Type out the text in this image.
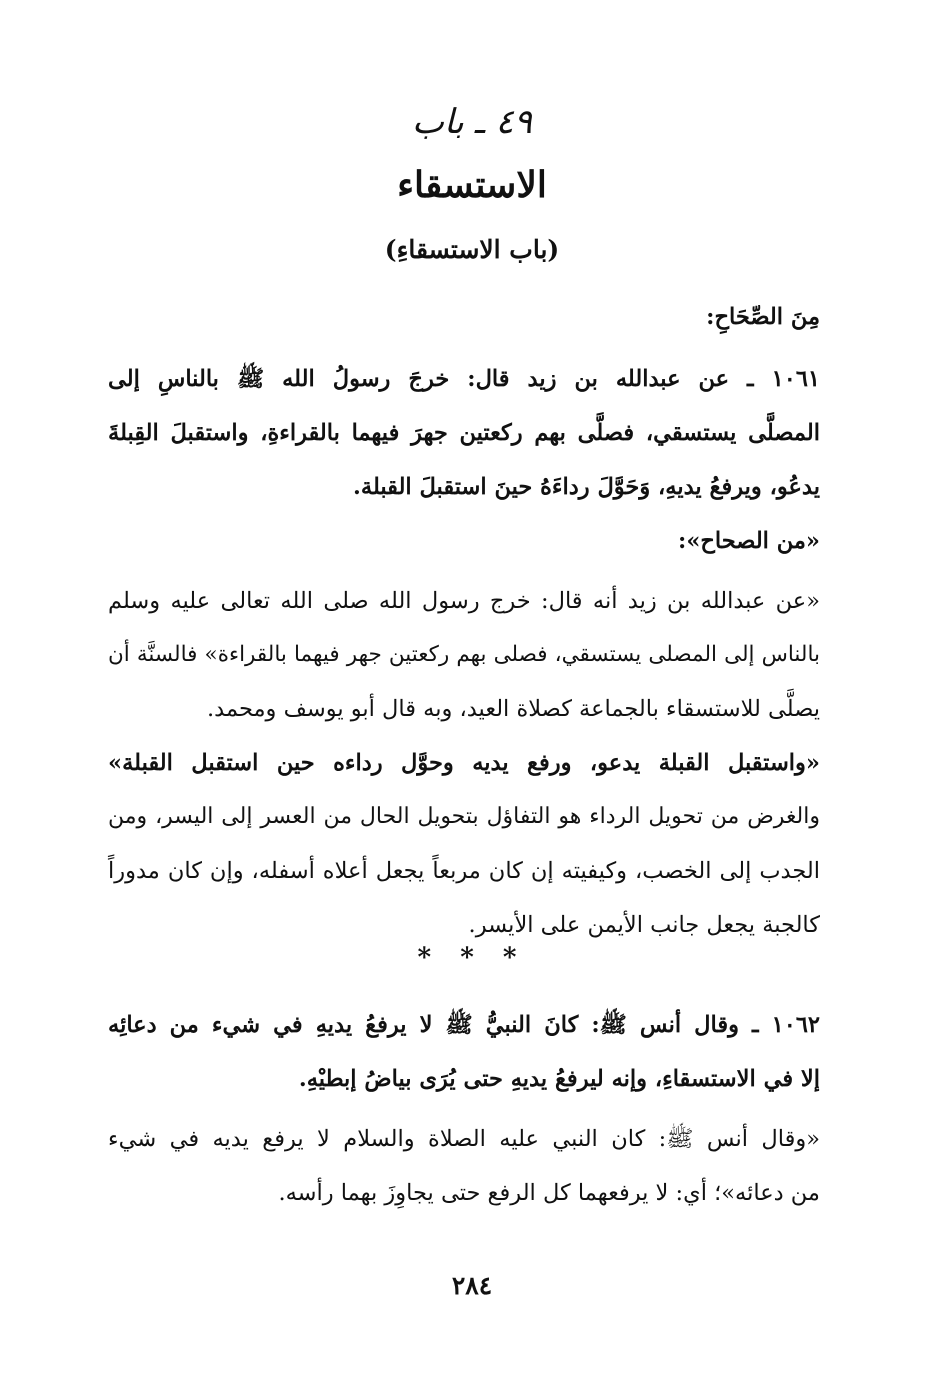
٤٩ ـ باب
الاستسقاء
(باب الاستسقاءِ)
مِنَ الصِّحَاحِ:
١٠٦١ ـ عن عبدالله بن زيد قال: خرجَ رسولُ الله ﷺ بالناسِ إلى
المصلَّى يستسقي، فصلَّى بهم ركعتين جهرَ فيهما بالقراءةِ، واستقبلَ القِبلةَ
يدعُو، ويرفعُ يديهِ، وَحَوَّلَ رداءَهُ حينَ استقبلَ القبلة.
«من الصحاح»:
«عن عبدالله بن زيد أنه قال: خرج رسول الله صلى الله تعالى عليه وسلم
بالناس إلى المصلى يستسقي، فصلى بهم ركعتين جهر فيهما بالقراءة» فالسنَّة أن
يصلَّى للاستسقاء بالجماعة كصلاة العيد، وبه قال أبو يوسف ومحمد.
«واستقبل القبلة يدعو، ورفع يديه وحوَّل رداءه حين استقبل القبلة»
والغرض من تحويل الرداء هو التفاؤل بتحويل الحال من العسر إلى اليسر، ومن
الجدب إلى الخصب، وكيفيته إن كان مربعاً يجعل أعلاه أسفله، وإن كان مدوراً
كالجبة يجعل جانب الأيمن على الأيسر.
* * *
١٠٦٢ ـ وقال أنس ﷺ: كانَ النبيُّ ﷺ لا يرفعُ يديهِ في شيء من دعائِه
إلا في الاستسقاءِ، وإنه ليرفعُ يديهِ حتى يُرَى بياضُ إبطيْهِ.
«وقال أنس ﷺ: كان النبي عليه الصلاة والسلام لا يرفع يديه في شيء
من دعائه»؛ أي: لا يرفعهما كل الرفع حتى يجاوِزَ بهما رأسه.
٢٨٤
